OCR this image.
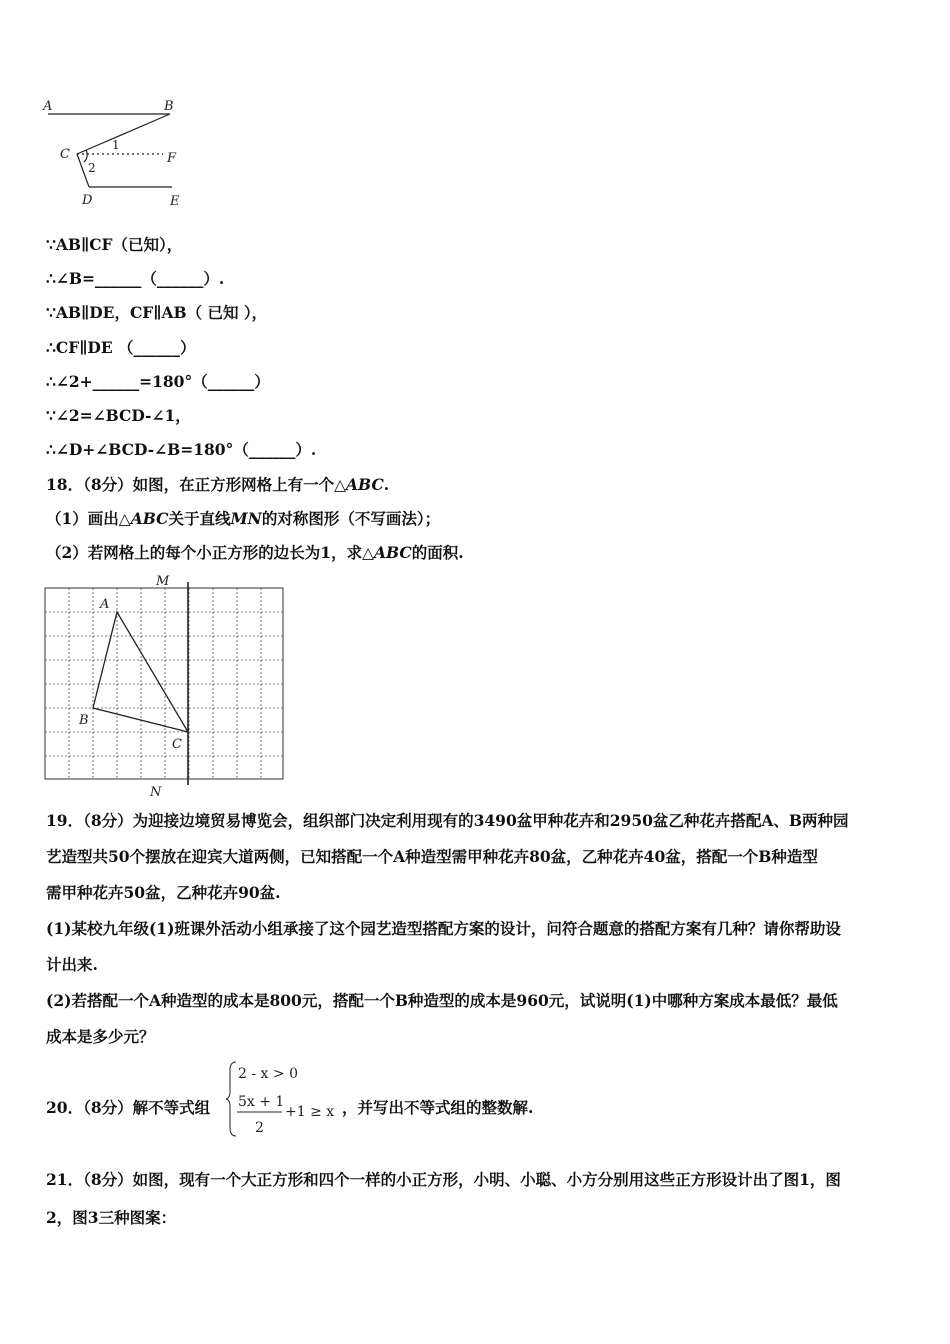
A	B
C	F
D	E
1
2
∵AB∥CF（已知），
∴∠B=______（______）.
∵AB∥DE，CF∥AB（ 已知 ），
∴CF∥DE （______）
∴∠2+______=180°（______）
∵∠2=∠BCD-∠1，
∴∠D+∠BCD-∠B=180°（______）.
18．（8分）如图，在正方形网格上有一个△ABC.
（1）画出△ABC关于直线MN的对称图形（不写画法）；
（2）若网格上的每个小正方形的边长为1，求△ABC的面积.
M
N
A
B
C
19．（8分）为迎接边境贸易博览会，组织部门决定利用现有的3490盆甲种花卉和2950盆乙种花卉搭配A、B两种园
艺造型共50个摆放在迎宾大道两侧，已知搭配一个A种造型需甲种花卉80盆，乙种花卉40盆，搭配一个B种造型
需甲种花卉50盆，乙种花卉90盆.
(1)某校九年级(1)班课外活动小组承接了这个园艺造型搭配方案的设计，问符合题意的搭配方案有几种？请你帮助设
计出来.
(2)若搭配一个A种造型的成本是800元，搭配一个B种造型的成本是960元，试说明(1)中哪种方案成本最低？最低
成本是多少元？
20．（8分）解不等式组
2 - x > 0
5x + 1
2
+1 ≥ x ，并写出不等式组的整数解.
21．（8分）如图，现有一个大正方形和四个一样的小正方形，小明、小聪、小方分别用这些正方形设计出了图1，图
2，图3三种图案：
